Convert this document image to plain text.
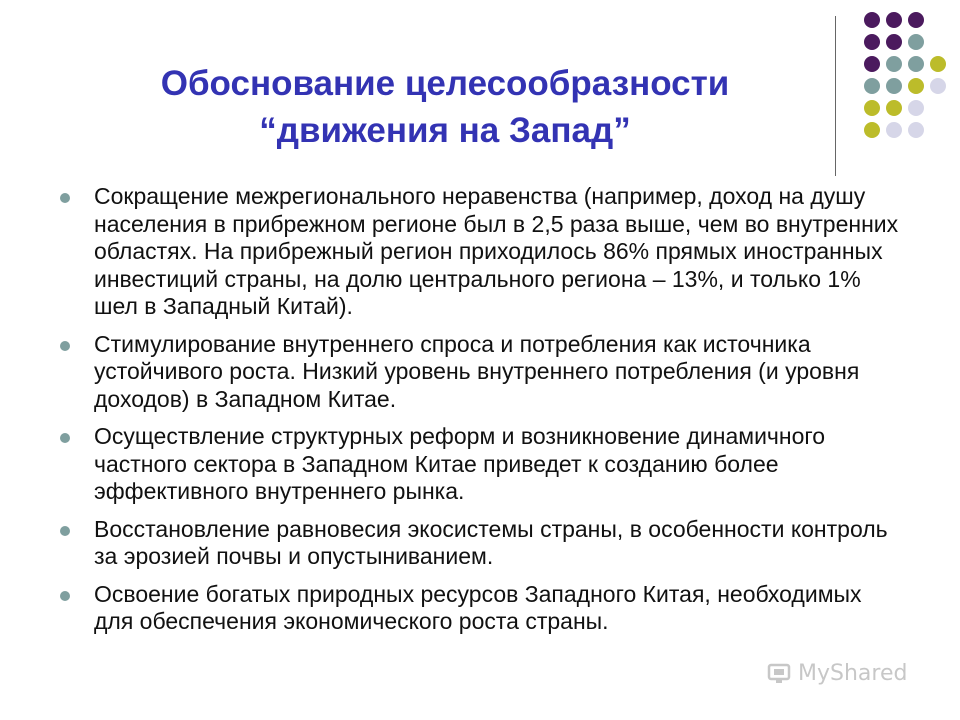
Обоснование целесообразности
“движения на Запад”
Сокращение межрегионального неравенства (например, доход на душу населения в прибрежном регионе был в 2,5 раза выше, чем во внутренних областях. На прибрежный регион приходилось 86% прямых иностранных инвестиций страны, на долю центрального региона – 13%, и только 1% шел в Западный Китай).
Стимулирование внутреннего спроса и потребления как источника устойчивого роста. Низкий уровень внутреннего потребления (и уровня доходов) в Западном Китае.
Осуществление структурных реформ и возникновение динамичного частного сектора в Западном Китае приведет к созданию более эффективного внутреннего рынка.
Восстановление равновесия экосистемы страны, в особенности контроль за эрозией почвы и опустыниванием.
Освоение богатых природных ресурсов Западного Китая, необходимых для обеспечения экономического роста страны.
MyShared
